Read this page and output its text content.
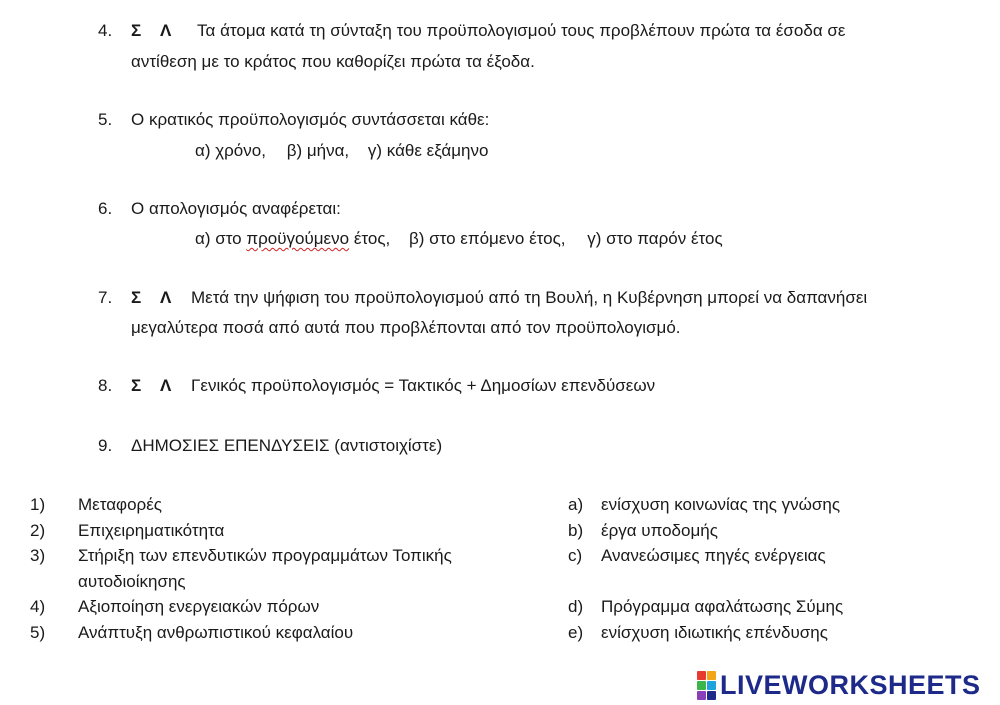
4. Σ Λ Τα άτομα κατά τη σύνταξη του προϋπολογισμού τους προβλέπουν πρώτα τα έσοδα σε
αντίθεση με το κράτος που καθορίζει πρώτα τα έξοδα.
5. Ο κρατικός προϋπολογισμός συντάσσεται κάθε:
α) χρόνο, β) μήνα, γ) κάθε εξάμηνο
6. Ο απολογισμός αναφέρεται:
α) στο προϋγούμενο έτος, β) στο επόμενο έτος, γ) στο παρόν έτος
7. Σ Λ Μετά την ψήφιση του προϋπολογισμού από τη Βουλή, η Κυβέρνηση μπορεί να δαπανήσει
μεγαλύτερα ποσά από αυτά που προβλέπονται από τον προϋπολογισμό.
8. Σ Λ Γενικός προϋπολογισμός = Τακτικός + Δημοσίων επενδύσεων
9. ΔΗΜΟΣΙΕΣ ΕΠΕΝΔΥΣΕΙΣ (αντιστοιχίστε)
1) Μεταφορές
2) Επιχειρηματικότητα
3) Στήριξη των επενδυτικών προγραμμάτων Τοπικής
αυτοδιοίκησης
4) Αξιοποίηση ενεργειακών πόρων
5) Ανάπτυξη ανθρωπιστικού κεφαλαίου
a) ενίσχυση κοινωνίας της γνώσης
b) έργα υποδομής
c) Ανανεώσιμες πηγές ενέργειας
d) Πρόγραμμα αφαλάτωσης Σύμης
e) ενίσχυση ιδιωτικής επένδυσης
LIVEWORKSHEETS
